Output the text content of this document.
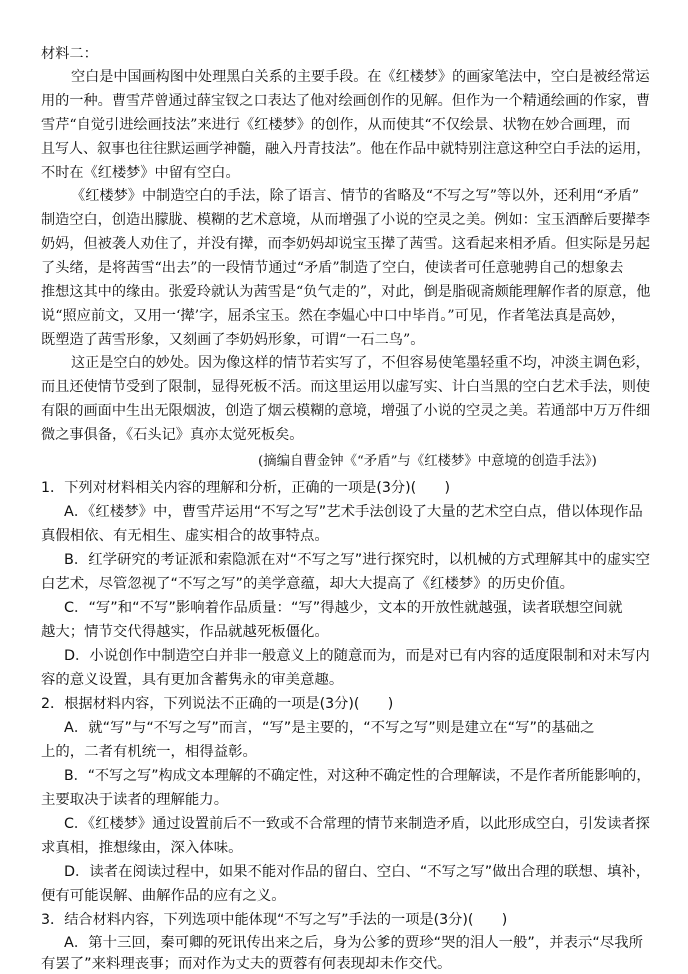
材料二：
空白是中国画构图中处理黑白关系的主要手段。在《红楼梦》的画家笔法中，空白是被经常运
用的一种。曹雪芹曾通过薛宝钗之口表达了他对绘画创作的见解。但作为一个精通绘画的作家，曹
雪芹“自觉引进绘画技法”来进行《红楼梦》的创作，从而使其“不仅绘景、状物在妙合画理，而
且写人、叙事也往往默运画学神髓，融入丹青技法”。他在作品中就特别注意这种空白手法的运用，
不时在《红楼梦》中留有空白。
《红楼梦》中制造空白的手法，除了语言、情节的省略及“不写之写”等以外，还利用“矛盾”
制造空白，创造出朦胧、模糊的艺术意境，从而增强了小说的空灵之美。例如：宝玉酒醉后要撵李
奶妈，但被袭人劝住了，并没有撵，而李奶妈却说宝玉撵了茜雪。这看起来相矛盾。但实际是另起
了头绪，是将茜雪“出去”的一段情节通过“矛盾”制造了空白，使读者可任意驰骋自己的想象去
推想这其中的缘由。张爱玲就认为茜雪是“负气走的”，对此，倒是脂砚斋颇能理解作者的原意，他
说“照应前文，又用一‘撵’字，屈杀宝玉。然在李媪心中口中毕肖。”可见，作者笔法真是高妙，
既塑造了茜雪形象，又刻画了李奶妈形象，可谓“一石二鸟”。
这正是空白的妙处。因为像这样的情节若实写了，不但容易使笔墨轻重不均，冲淡主调色彩，
而且还使情节受到了限制，显得死板不活。而这里运用以虚写实、计白当黑的空白艺术手法，则使
有限的画面中生出无限烟波，创造了烟云模糊的意境，增强了小说的空灵之美。若通部中万万件细
微之事俱备，《石头记》真亦太觉死板矣。
(摘编自曹金钟《“矛盾”与《红楼梦》中意境的创造手法》)
1．下列对材料相关内容的理解和分析，正确的一项是(3分)(　　)
A．《红楼梦》中，曹雪芹运用“不写之写”艺术手法创设了大量的艺术空白点，借以体现作品
真假相依、有无相生、虚实相合的故事特点。
B．红学研究的考证派和索隐派在对“不写之写”进行探究时，以机械的方式理解其中的虚实空
白艺术，尽管忽视了“不写之写”的美学意蕴，却大大提高了《红楼梦》的历史价值。
C．“写”和“不写”影响着作品质量：“写”得越少，文本的开放性就越强，读者联想空间就
越大；情节交代得越实，作品就越死板僵化。
D．小说创作中制造空白并非一般意义上的随意而为，而是对已有内容的适度限制和对未写内
容的意义设置，具有更加含蓄隽永的审美意趣。
2．根据材料内容，下列说法不正确的一项是(3分)(　　)
A．就“写”与“不写之写”而言，“写”是主要的，“不写之写”则是建立在“写”的基础之
上的，二者有机统一，相得益彰。
B．“不写之写”构成文本理解的不确定性，对这种不确定性的合理解读，不是作者所能影响的，
主要取决于读者的理解能力。
C．《红楼梦》通过设置前后不一致或不合常理的情节来制造矛盾，以此形成空白，引发读者探
求真相，推想缘由，深入体味。
D．读者在阅读过程中，如果不能对作品的留白、空白、“不写之写”做出合理的联想、填补，
便有可能误解、曲解作品的应有之义。
3．结合材料内容，下列选项中能体现“不写之写”手法的一项是(3分)(　　)
A．第十三回，秦可卿的死讯传出来之后，身为公爹的贾珍“哭的泪人一般”，并表示“尽我所
有罢了”来料理丧事；而对作为丈夫的贾蓉有何表现却未作交代。
